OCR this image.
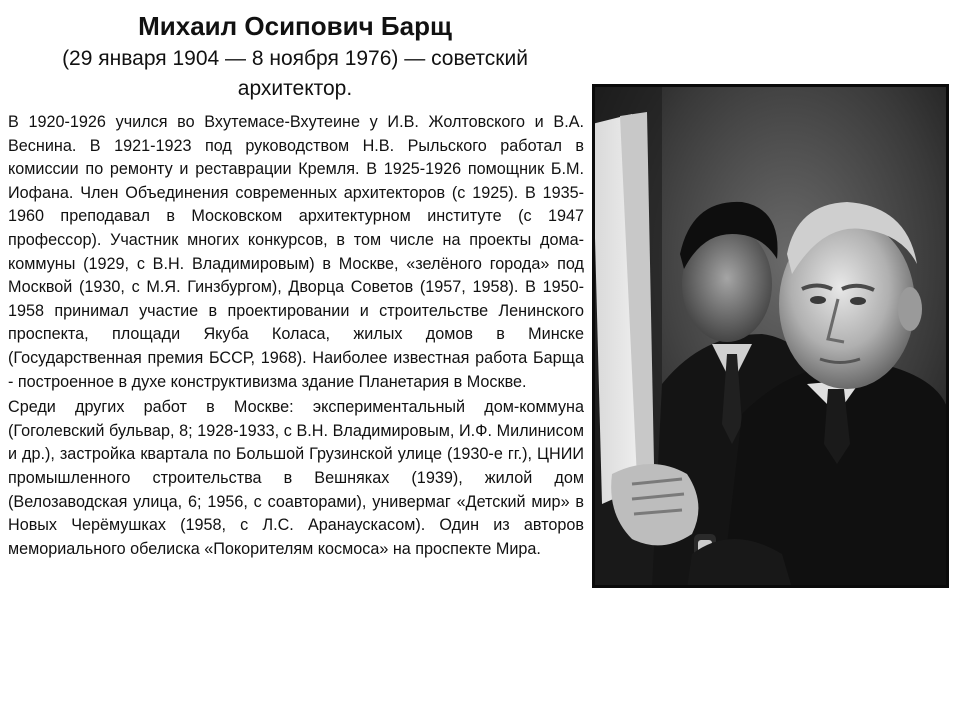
Михаил Осипович Барщ
(29 января 1904 — 8 ноября 1976) — советский архитектор.

В 1920-1926 учился во Вхутемасе-Вхутеине у И.В. Жолтовского и В.А. Веснина. В 1921-1923 под руководством Н.В. Рыльского работал в комиссии по ремонту и реставрации Кремля. В 1925-1926 помощник Б.М. Иофана. Член Объединения современных архитекторов (с 1925). В 1935-1960 преподавал в Московском архитектурном институте (с 1947 профессор). Участник многих конкурсов, в том числе на проекты дома-коммуны (1929, с В.Н. Владимировым) в Москве, «зелёного города» под Москвой (1930, с М.Я. Гинзбургом), Дворца Советов (1957, 1958). В 1950-1958 принимал участие в проектировании и строительстве Ленинского проспекта, площади Якуба Коласа, жилых домов в Минске (Государственная премия БССР, 1968). Наиболее известная работа Барща - построенное в духе конструктивизма здание Планетария в Москве.

Среди других работ в Москве: экспериментальный дом-коммуна (Гоголевский бульвар, 8; 1928-1933, с В.Н. Владимировым, И.Ф. Милинисом и др.), застройка квартала по Большой Грузинской улице (1930-е гг.), ЦНИИ промышленного строительства в Вешняках (1939), жилой дом (Велозаводская улица, 6; 1956, с соавторами), универмаг «Детский мир» в Новых Черёмушках (1958, с Л.С. Аранаускасом). Один из авторов мемориального обелиска «Покорителям космоса» на проспекте Мира.
